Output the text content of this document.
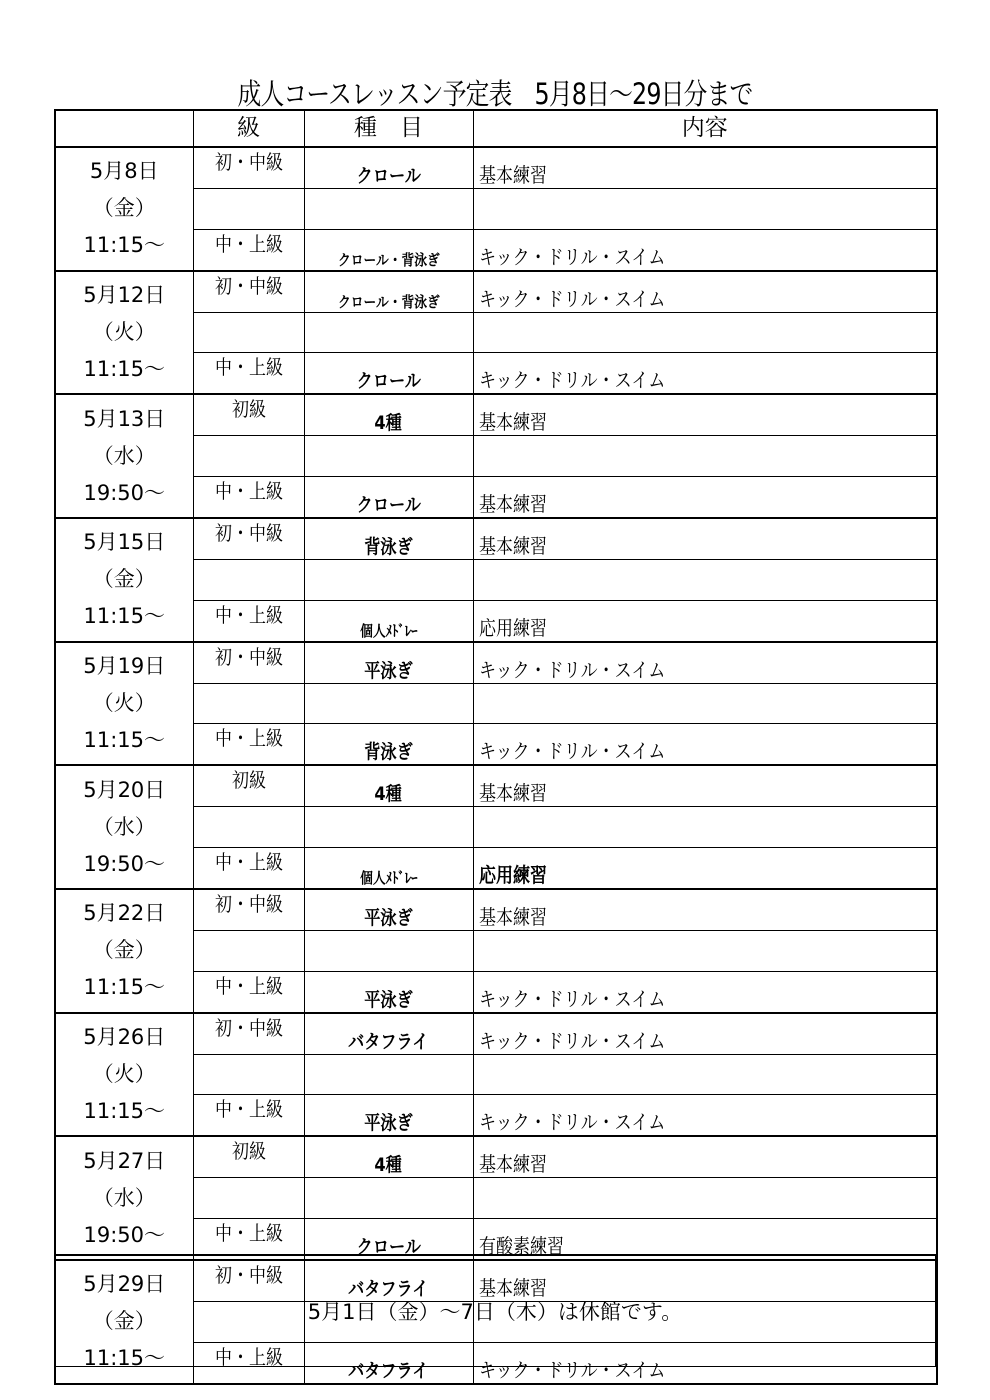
成人コースレッスン予定表　5月8日～29日分まで
	級	種　目	内容

5月8日
（金）
11:15～	初・中級	クロール	基本練習

	中・上級	クロール・背泳ぎ	キック・ドリル・スイム

5月12日
（火）
11:15～	初・中級	クロール・背泳ぎ	キック・ドリル・スイム

	中・上級	クロール	キック・ドリル・スイム

5月13日
（水）
19:50～	初級	4種	基本練習

	中・上級	クロール	基本練習

5月15日
（金）
11:15～	初・中級	背泳ぎ	基本練習

	中・上級	個人ﾒﾄﾞﾚｰ	応用練習

5月19日
（火）
11:15～	初・中級	平泳ぎ	キック・ドリル・スイム

	中・上級	背泳ぎ	キック・ドリル・スイム

5月20日
（水）
19:50～	初級	4種	基本練習

	中・上級	個人ﾒﾄﾞﾚｰ	応用練習

5月22日
（金）
11:15～	初・中級	平泳ぎ	基本練習

	中・上級	平泳ぎ	キック・ドリル・スイム

5月26日
（火）
11:15～	初・中級	バタフライ	キック・ドリル・スイム

	中・上級	平泳ぎ	キック・ドリル・スイム

5月27日
（水）
19:50～	初級	4種	基本練習

	中・上級	クロール	有酸素練習

5月29日
（金）
11:15～	初・中級	バタフライ	基本練習

	中・上級	バタフライ	キック・ドリル・スイム
5月1日（金）～7日（木）は休館です。
